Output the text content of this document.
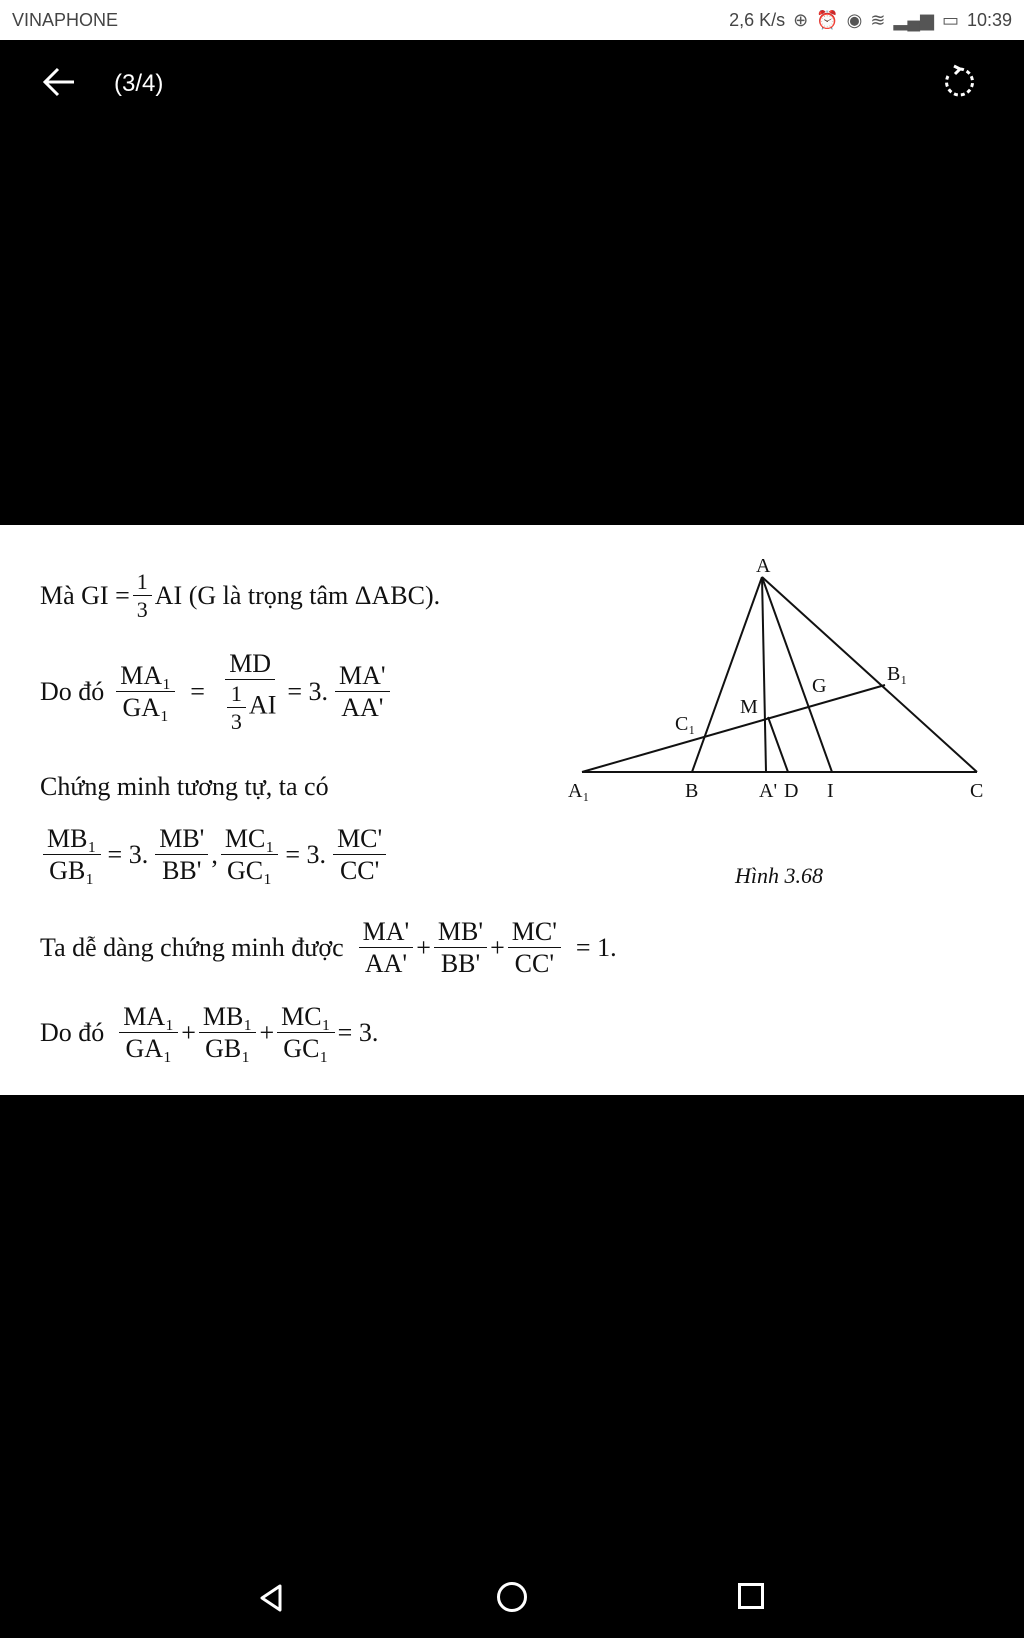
VINAPHONE	2,6 K/s ⊕ ⏰ ◉ ≋ ▂▄▆ ▭ 10:39
(3/4)
Mà GI = $\frac{1}{3}$ AI (G là trọng tâm ΔABC).
Do đó $\frac{\text{MA₁}}{\text{GA₁}} = \frac{MD}{\frac{1}{3} AI} = 3$. $\frac{MA'}{AA'}$
Chứng minh tương tự, ta có
$\frac{\text{MB₁}}{\text{GB₁}} = 3$. $\frac{MB'}{BB'}$ , $\frac{\text{MC₁}}{\text{GC₁}} = 3$. $\frac{MC'}{CC'}$
Ta dễ dàng chứng minh được $\frac{MA'}{AA'} + \frac{MB'}{BB'} + \frac{MC'}{CC'} = 1$.
Do đó $\frac{\text{MA₁}}{\text{GA₁}} + \frac{\text{MB₁}}{\text{GB₁}} + \frac{\text{MC₁}}{\text{GC₁}} = 3$.
A
B₁
G
M
C₁
A₁	B	A' D I	C
Hình 3.68
